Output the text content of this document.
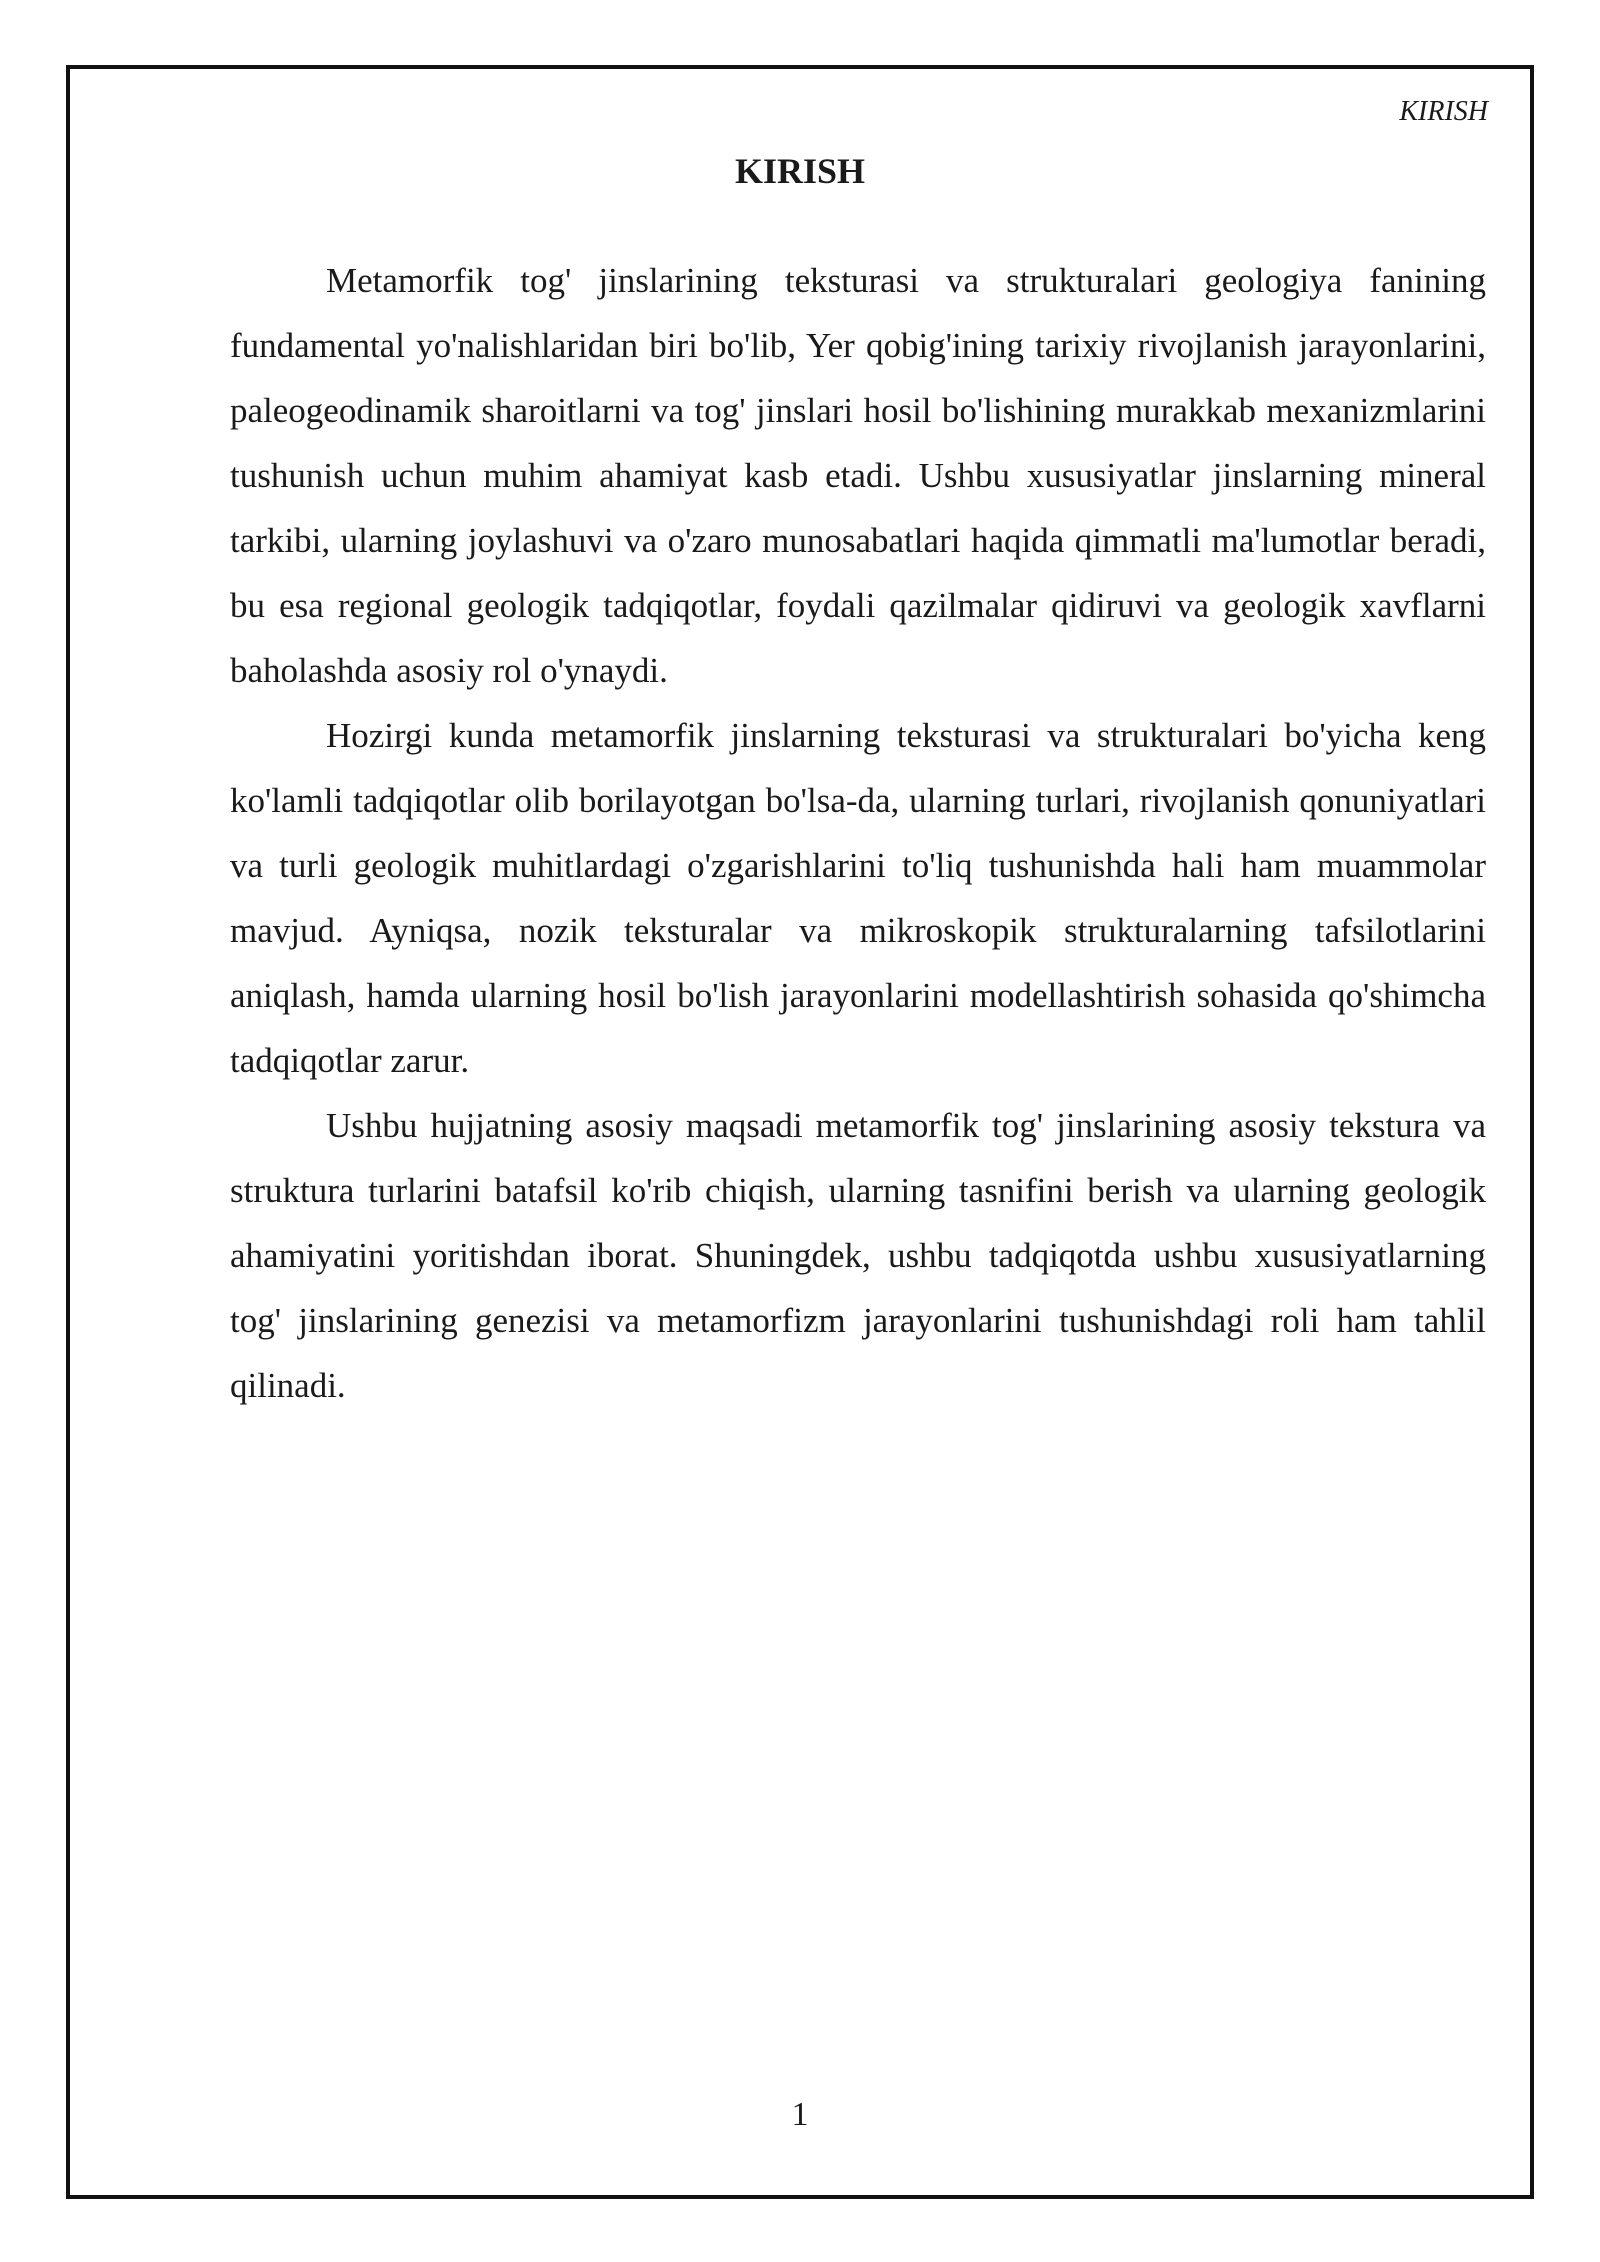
KIRISH
KIRISH

Metamorfik tog' jinslarining teksturasi va strukturalari geologiya fanining fundamental yo'nalishlaridan biri bo'lib, Yer qobig'ining tarixiy rivojlanish jarayonlarini, paleogeodinamik sharoitlarni va tog' jinslari hosil bo'lishining murakkab mexanizmlarini tushunish uchun muhim ahamiyat kasb etadi. Ushbu xususiyatlar jinslarning mineral tarkibi, ularning joylashuvi va o'zaro munosabatlari haqida qimmatli ma'lumotlar beradi, bu esa regional geologik tadqiqotlar, foydali qazilmalar qidiruvi va geologik xavflarni baholashda asosiy rol o'ynaydi.

Hozirgi kunda metamorfik jinslarning teksturasi va strukturalari bo'yicha keng ko'lamli tadqiqotlar olib borilayotgan bo'lsa-da, ularning turlari, rivojlanish qonuniyatlari va turli geologik muhitlardagi o'zgarishlarini to'liq tushunishda hali ham muammolar mavjud. Ayniqsa, nozik teksturalar va mikroskopik strukturalarning tafsilotlarini aniqlash, hamda ularning hosil bo'lish jarayonlarini modellashtirish sohasida qo'shimcha tadqiqotlar zarur.

Ushbu hujjatning asosiy maqsadi metamorfik tog' jinslarining asosiy tekstura va struktura turlarini batafsil ko'rib chiqish, ularning tasnifini berish va ularning geologik ahamiyatini yoritishdan iborat. Shuningdek, ushbu tadqiqotda ushbu xususiyatlarning tog' jinslarining genezisi va metamorfizm jarayonlarini tushunishdagi roli ham tahlil qilinadi.

1
